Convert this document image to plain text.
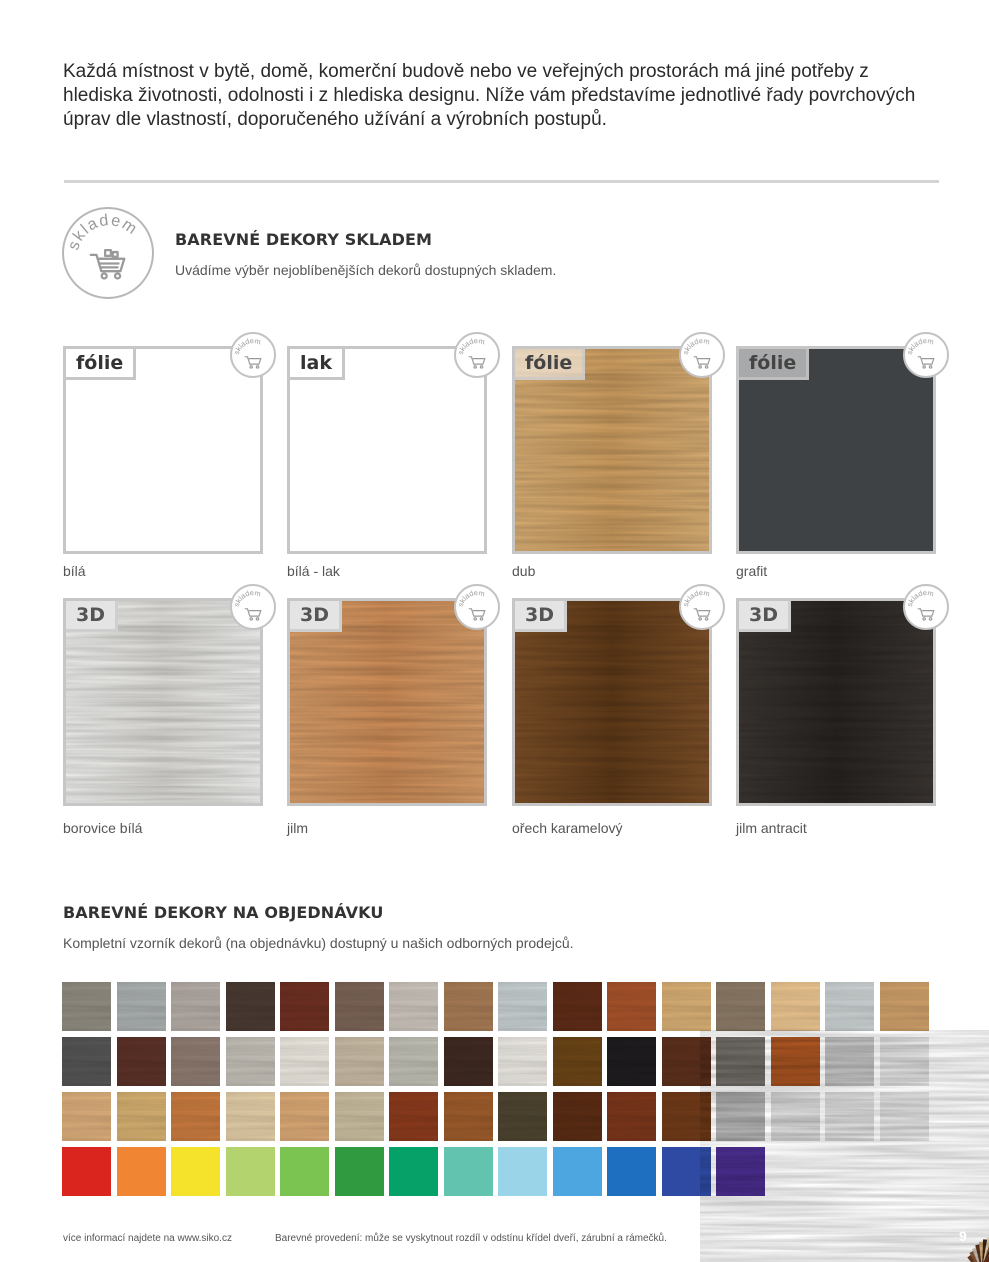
Každá místnost v bytě, domě, komerční budově nebo ve veřejných prostorách má jiné potřeby z hlediska životnosti, odolnosti i z hlediska designu. Níže vám představíme jednotlivé řady povrchových úprav dle vlastností, doporučeného užívání a výrobních postupů.

skladem
BAREVNÉ DEKORY SKLADEM
Uvádíme výběr nejoblíbenějších dekorů dostupných skladem.
fólie	skladem
bílá
lak	skladem
bílá - lak
fólie	skladem
dub
fólie	skladem
grafit
3D	skladem
borovice bílá
3D	skladem
jilm
3D	skladem
ořech karamelový
3D	skladem
jilm antracit
BAREVNÉ DEKORY NA OBJEDNÁVKU
Kompletní vzorník dekorů (na objednávku) dostupný u našich odborných prodejců.
více informací najdete na www.siko.cz	Barevné provedení: může se vyskytnout rozdíl v odstínu křídel dveří, zárubní a rámečků.	9
